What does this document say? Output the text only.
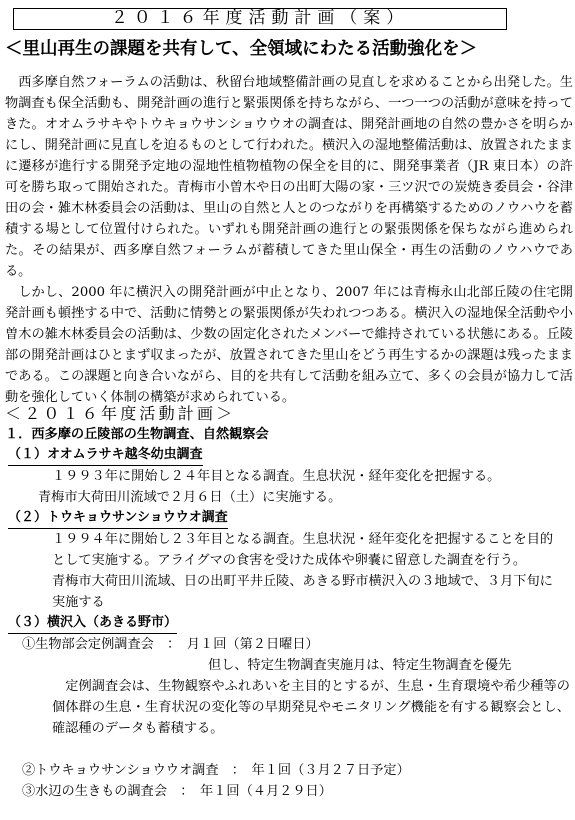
２０１６年度活動計画（案）
＜里山再生の課題を共有して、全領域にわたる活動強化を＞

西多摩自然フォーラムの活動は、秋留台地域整備計画の見直しを求めることから出発した。生物調査も保全活動も、開発計画の進行と緊張関係を持ちながら、一つ一つの活動が意味を持ってきた。オオムラサキやトウキョウサンショウウオの調査は、開発計画地の自然の豊かさを明らかにし、開発計画に見直しを迫るものとして行われた。横沢入の湿地整備活動は、放置されたままに遷移が進行する開発予定地の湿地性植物植物の保全を目的に、開発事業者（JR 東日本）の許可を勝ち取って開始された。青梅市小曽木や日の出町大陽の家・三ツ沢での炭焼き委員会・谷津田の会・雑木林委員会の活動は、里山の自然と人とのつながりを再構築するためのノウハウを蓄積する場として位置付けられた。いずれも開発計画の進行との緊張関係を保ちながら進められた。その結果が、西多摩自然フォーラムが蓄積してきた里山保全・再生の活動のノウハウである。

しかし、2000 年に横沢入の開発計画が中止となり、2007 年には青梅永山北部丘陵の住宅開発計画も頓挫する中で、活動に情勢との緊張関係が失われつつある。横沢入の湿地保全活動や小曽木の雑木林委員会の活動は、少数の固定化されたメンバーで維持されている状態にある。丘陵部の開発計画はひとまず収まったが、放置されてきた里山をどう再生するかの課題は残ったままである。この課題と向き合いながら、目的を共有して活動を組み立て、多くの会員が協力して活動を強化していく体制の構築が求められている。

＜２０１６年度活動計画＞
１．西多摩の丘陵部の生物調査、自然観察会
（１）オオムラサキ越冬幼虫調査
１９９３年に開始し２４年目となる調査。生息状況・経年変化を把握する。
青梅市大荷田川流域で２月６日（土）に実施する。
（２）トウキョウサンショウウオ調査
１９９４年に開始し２３年目となる調査。生息状況・経年変化を把握することを目的
として実施する。アライグマの食害を受けた成体や卵嚢に留意した調査を行う。
青梅市大荷田川流域、日の出町平井丘陵、あきる野市横沢入の３地域で、３月下旬に
実施する
（３）横沢入（あきる野市）
①生物部会定例調査会　：　月１回（第２日曜日）
但し、特定生物調査実施月は、特定生物調査を優先
定例調査会は、生物観察やふれあいを主目的とするが、生息・生育環境や希少種等の個体群の生息・生育状況の変化等の早期発見やモニタリング機能を有する観察会とし、確認種のデータも蓄積する。
②トウキョウサンショウウオ調査　：　年１回（３月２７日予定）
③水辺の生きもの調査会　：　年１回（４月２９日）
